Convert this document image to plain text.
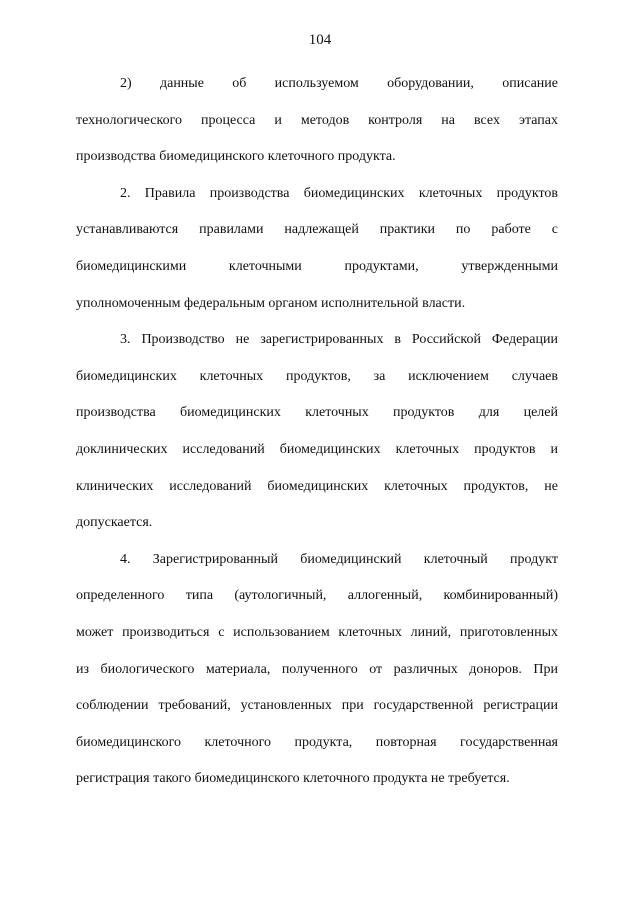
104
2) данные об используемом оборудовании, описание
технологического процесса и методов контроля на всех этапах
производства биомедицинского клеточного продукта.
2. Правила производства биомедицинских клеточных продуктов
устанавливаются правилами надлежащей практики по работе с
биомедицинскими клеточными продуктами, утвержденными
уполномоченным федеральным органом исполнительной власти.
3. Производство не зарегистрированных в Российской Федерации
биомедицинских клеточных продуктов, за исключением случаев
производства биомедицинских клеточных продуктов для целей
доклинических исследований биомедицинских клеточных продуктов и
клинических исследований биомедицинских клеточных продуктов, не
допускается.
4. Зарегистрированный биомедицинский клеточный продукт
определенного типа (аутологичный, аллогенный, комбинированный)
может производиться с использованием клеточных линий, приготовленных
из биологического материала, полученного от различных доноров. При
соблюдении требований, установленных при государственной регистрации
биомедицинского клеточного продукта, повторная государственная
регистрация такого биомедицинского клеточного продукта не требуется.
